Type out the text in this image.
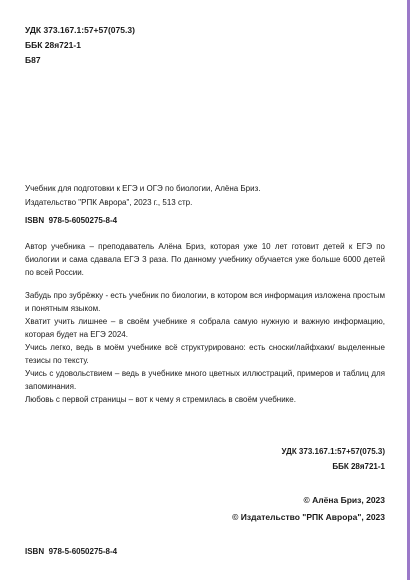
УДК 373.167.1:57+57(075.3)
ББК 28я721-1
Б87
Учебник для подготовки к ЕГЭ и ОГЭ по биологии, Алёна Бриз.
Издательство "РПК Аврора", 2023 г., 513 стр.
ISBN 978-5-6050275-8-4
Автор учебника – преподаватель Алёна Бриз, которая уже 10 лет готовит детей к ЕГЭ по биологии и сама сдавала ЕГЭ 3 раза. По данному учебнику обучается уже больше 6000 детей по всей России.

Забудь про зубрёжку - есть учебник по биологии, в котором вся информация изложена простым и понятным языком.

Хватит учить лишнее – в своём учебнике я собрала самую нужную и важную информацию, которая будет на ЕГЭ 2024.

Учись легко, ведь в моём учебнике всё структурировано: есть сноски/лайфхаки/ выделенные тезисы по тексту.

Учись с удовольствием – ведь в учебнике много цветных иллюстраций, примеров и таблиц для запоминания.

Любовь с первой страницы – вот к чему я стремилась в своём учебнике.

УДК 373.167.1:57+57(075.3)
ББК 28я721-1
© Алёна Бриз, 2023
© Издательство "РПК Аврора", 2023
ISBN 978-5-6050275-8-4
